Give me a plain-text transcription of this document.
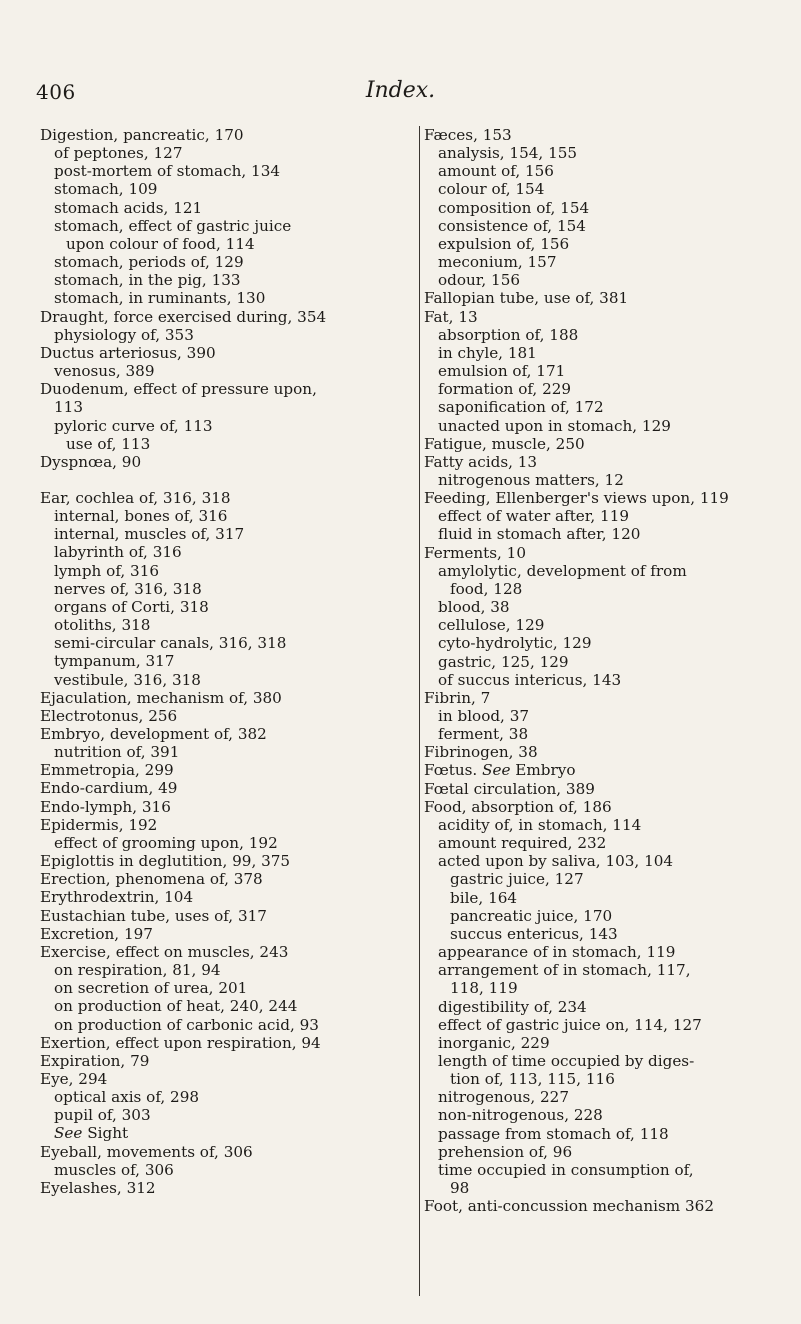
406	Index.
Digestion, pancreatic, 170
of peptones, 127
post-mortem of stomach, 134
stomach, 109
stomach acids, 121
stomach, effect of gastric juice
upon colour of food, 114
stomach, periods of, 129
stomach, in the pig, 133
stomach, in ruminants, 130
Draught, force exercised during, 354
physiology of, 353
Ductus arteriosus, 390
venosus, 389
Duodenum, effect of pressure upon,
113
pyloric curve of, 113
use of, 113
Dyspnœa, 90
Ear, cochlea of, 316, 318
internal, bones of, 316
internal, muscles of, 317
labyrinth of, 316
lymph of, 316
nerves of, 316, 318
organs of Corti, 318
otoliths, 318
semi-circular canals, 316, 318
tympanum, 317
vestibule, 316, 318
Ejaculation, mechanism of, 380
Electrotonus, 256
Embryo, development of, 382
nutrition of, 391
Emmetropia, 299
Endo-cardium, 49
Endo-lymph, 316
Epidermis, 192
effect of grooming upon, 192
Epiglottis in deglutition, 99, 375
Erection, phenomena of, 378
Erythrodextrin, 104
Eustachian tube, uses of, 317
Excretion, 197
Exercise, effect on muscles, 243
on respiration, 81, 94
on secretion of urea, 201
on production of heat, 240, 244
on production of carbonic acid, 93
Exertion, effect upon respiration, 94
Expiration, 79
Eye, 294
optical axis of, 298
pupil of, 303
See Sight
Eyeball, movements of, 306
muscles of, 306
Eyelashes, 312
Fæces, 153
analysis, 154, 155
amount of, 156
colour of, 154
composition of, 154
consistence of, 154
expulsion of, 156
meconium, 157
odour, 156
Fallopian tube, use of, 381
Fat, 13
absorption of, 188
in chyle, 181
emulsion of, 171
formation of, 229
saponification of, 172
unacted upon in stomach, 129
Fatigue, muscle, 250
Fatty acids, 13
nitrogenous matters, 12
Feeding, Ellenberger's views upon, 119
effect of water after, 119
fluid in stomach after, 120
Ferments, 10
amylolytic, development of from
food, 128
blood, 38
cellulose, 129
cyto-hydrolytic, 129
gastric, 125, 129
of succus intericus, 143
Fibrin, 7
in blood, 37
ferment, 38
Fibrinogen, 38
Fœtus. See Embryo
Fœtal circulation, 389
Food, absorption of, 186
acidity of, in stomach, 114
amount required, 232
acted upon by saliva, 103, 104
gastric juice, 127
bile, 164
pancreatic juice, 170
succus entericus, 143
appearance of in stomach, 119
arrangement of in stomach, 117,
118, 119
digestibility of, 234
effect of gastric juice on, 114, 127
inorganic, 229
length of time occupied by diges-
tion of, 113, 115, 116
nitrogenous, 227
non-nitrogenous, 228
passage from stomach of, 118
prehension of, 96
time occupied in consumption of,
98
Foot, anti-concussion mechanism 362
